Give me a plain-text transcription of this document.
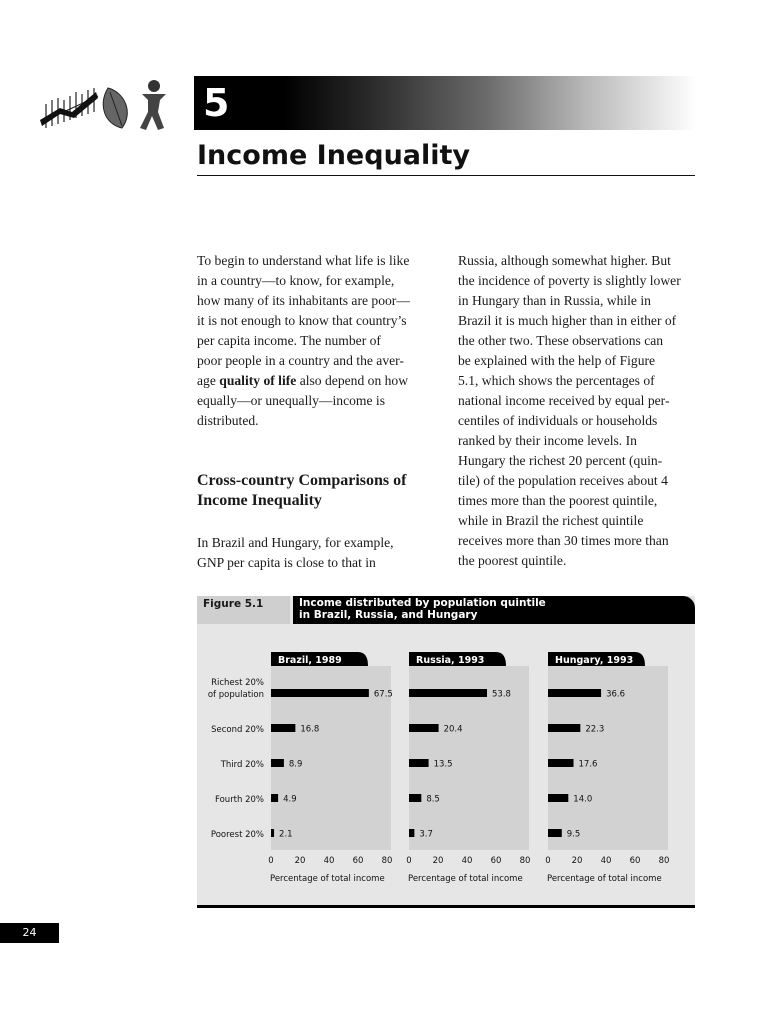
5
Income Inequality

To begin to understand what life is like
in a country—to know, for example,
how many of its inhabitants are poor—
it is not enough to know that country’s
per capita income. The number of
poor people in a country and the aver-
age quality of life also depend on how
equally—or unequally—income is
distributed.

Cross-country Comparisons of
Income Inequality

In Brazil and Hungary, for example,
GNP per capita is close to that in

Russia, although somewhat higher. But
the incidence of poverty is slightly lower
in Hungary than in Russia, while in
Brazil it is much higher than in either of
the other two. These observations can
be explained with the help of Figure
5.1, which shows the percentages of
national income received by equal per-
centiles of individuals or households
ranked by their income levels. In
Hungary the richest 20 percent (quin-
tile) of the population receives about 4
times more than the poorest quintile,
while in Brazil the richest quintile
receives more than 30 times more than
the poorest quintile.

Figure 5.1	Income distributed by population quintile
in Brazil, Russia, and Hungary
Richest 20%
of population
Second 20%
Third 20%
Fourth 20%
Poorest 20%
Brazil, 1989
67.5
16.8
8.9
4.9
2.1
0 20 40 60 80
Percentage of total income
Russia, 1993
53.8
20.4
13.5
8.5
3.7
0 20 40 60 80
Percentage of total income
Hungary, 1993
36.6
22.3
17.6
14.0
9.5
0 20 40 60 80
Percentage of total income
24
